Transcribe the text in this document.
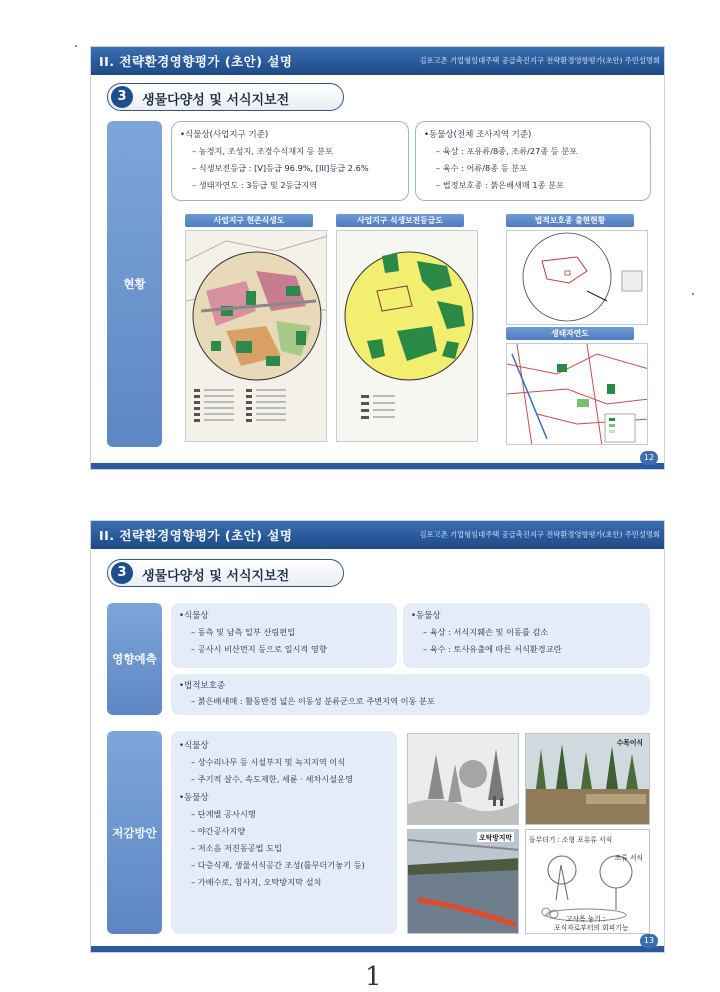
II. 전략환경영향평가 (초안) 설명	김포고촌 기업형임대주택 공급촉진지구 전략환경영향평가(초안) 주민설명회
3	생물다양성 및 서식지보전
현황
•식물상(사업지구 기준)
– 농경지, 조성지, 조경수식재지 등 분포
– 식생보전등급 : [V]등급 96.9%, [III]등급 2.6%
– 생태자연도 : 3등급 및 2등급지역
•동물상(전체 조사지역 기준)
– 육상 : 포유류/8종, 조류/27종 등 분포
– 육수 : 어류/8종 등 분포
– 법정보호종 : 붉은배새매 1종 분포
사업지구 현존식생도	사업지구 식생보전등급도	법적보호종 출현현황
생태자연도
12
II. 전략환경영향평가 (초안) 설명	김포고촌 기업형임대주택 공급촉진지구 전략환경영향평가(초안) 주민설명회
3	생물다양성 및 서식지보전
영향예측
•식물상
– 동측 및 남측 일부 산림편입
– 공사시 비산먼지 등으로 일시적 영향
•동물상
– 육상 : 서식지훼손 및 이동를 감소
– 육수 : 토사유출에 따른 서식환경교란
•법적보호종
– 붉은배새매 : 활동반경 넓은 이동성 분류군으로 주변지역 이동 분포
저감방안
•식물상
– 상수리나무 등 시설부지 및 녹지지역 이식
– 주기적 살수, 속도제한, 세륜 · 세차시설운영
•동물상
– 단계별 공사시행
– 야간공사지양
– 저소음 저진동공법 도입
– 다층식재, 생물서식공간 조성(틀무더기놓기 등)
– 가배수로, 침사지, 오탁방지막 설치
수목이식
오탁방지막	돌무더기 : 소형 포유류 서식
조류 서식
고사목 놓기 :
포식자로부터의 회피기능
13
1
